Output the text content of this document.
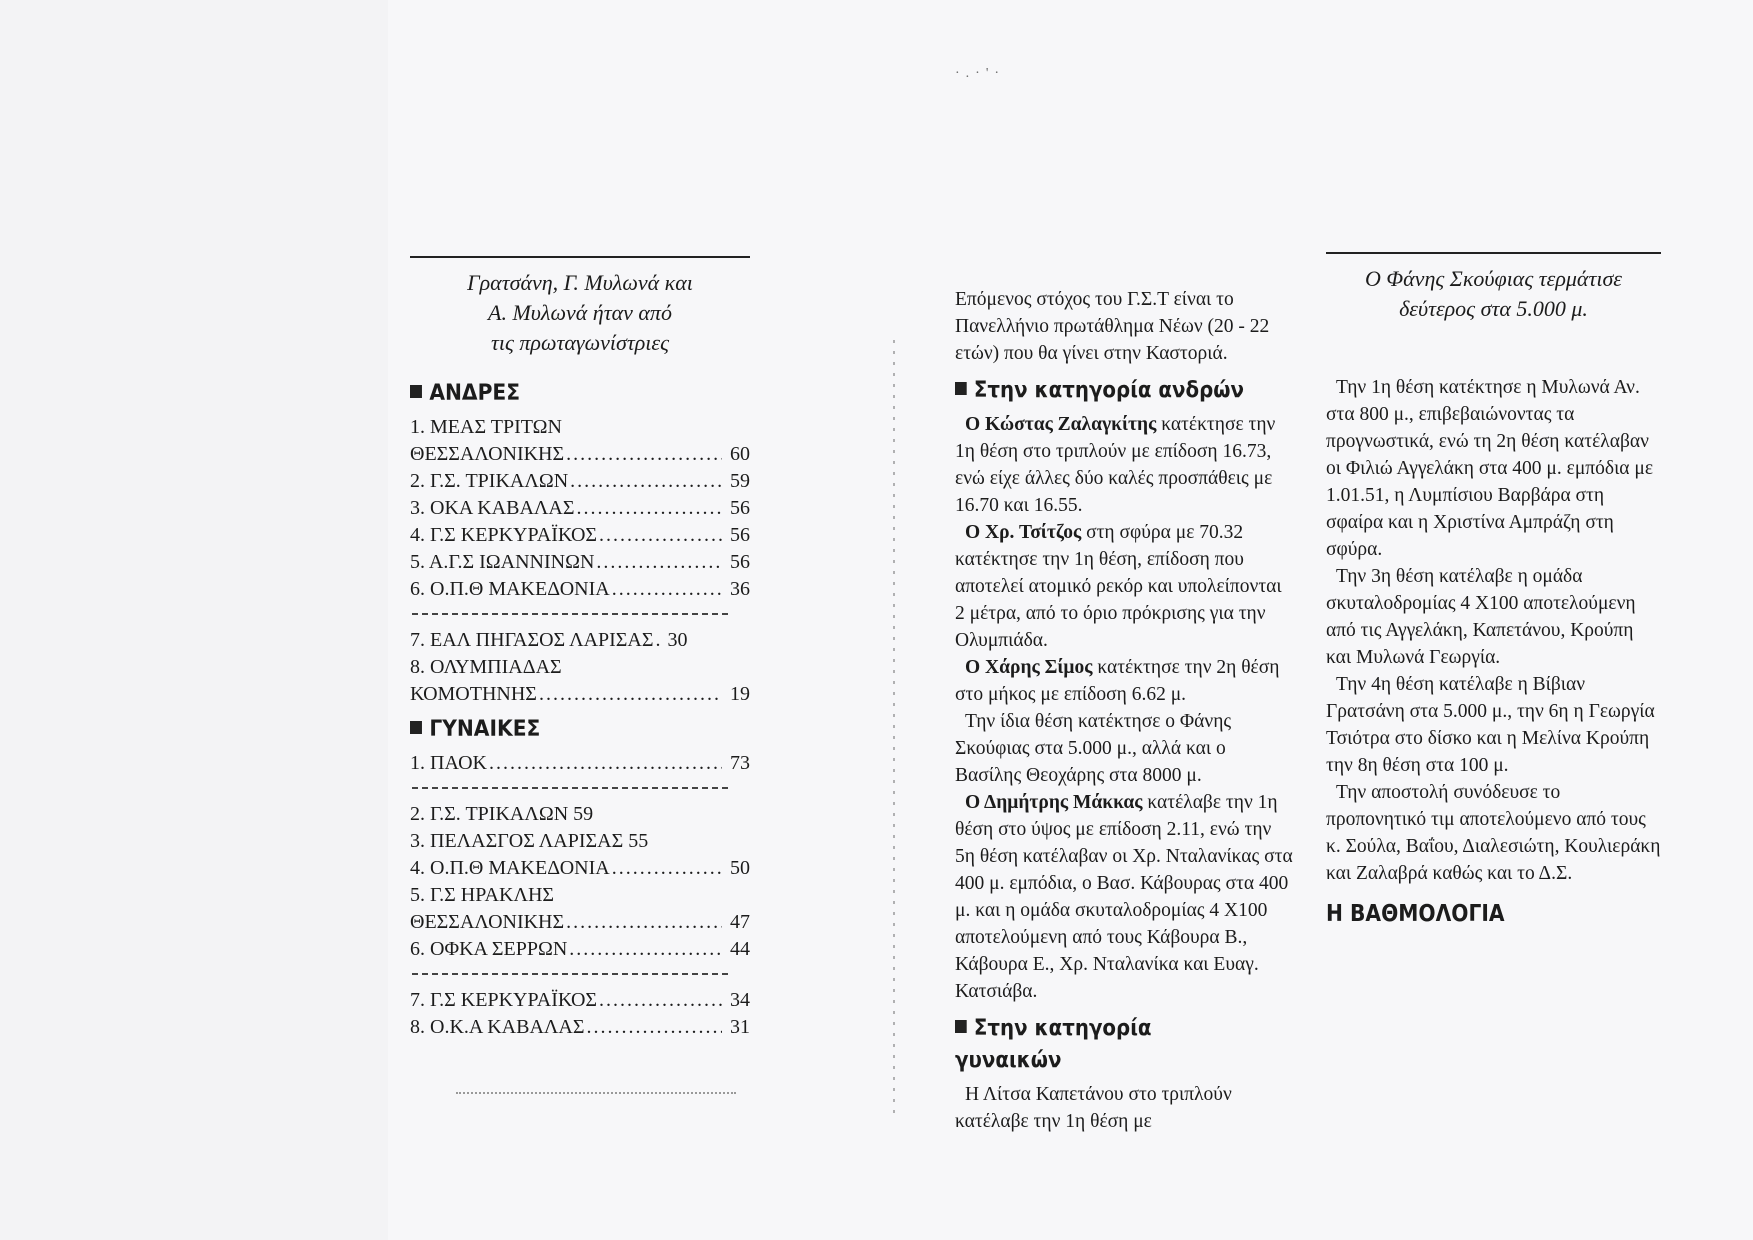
·.·'·
Γρατσάνη, Γ. Μυλωνά και
Α. Μυλωνά ήταν από
τις πρωταγωνίστριες
ΑΝΔΡΕΣ
1. ΜΕΑΣ ΤΡΙΤΩΝ
ΘΕΣΣΑΛΟΝΙΚΗΣ .....	60
2. Γ.Σ. ΤΡΙΚΑΛΩΝ .....	59
3. ΟΚΑ ΚΑΒΑΛΑΣ .....	56
4. Γ.Σ ΚΕΡΚΥΡΑΪΚΟΣ .....	56
5. Α.Γ.Σ ΙΩΑΝΝΙΝΩΝ .....	56
6. Ο.Π.Θ ΜΑΚΕΔΟΝΙΑ .....	36
7. ΕΑΛ ΠΗΓΑΣΟΣ ΛΑΡΙΣΑΣ ..... 30
8. ΟΛΥΜΠΙΑΔΑΣ
ΚΟΜΟΤΗΝΗΣ .....	19
ΓΥΝΑΙΚΕΣ
1. ΠΑΟΚ .....	73
2. Γ.Σ. ΤΡΙΚΑΛΩΝ 59
3. ΠΕΛΑΣΓΟΣ ΛΑΡΙΣΑΣ 55
4. Ο.Π.Θ ΜΑΚΕΔΟΝΙΑ .....	50
5. Γ.Σ ΗΡΑΚΛΗΣ
ΘΕΣΣΑΛΟΝΙΚΗΣ .....	47
6. ΟΦΚΑ ΣΕΡΡΩΝ .....	44
7. Γ.Σ ΚΕΡΚΥΡΑΪΚΟΣ .....	34
8. Ο.Κ.Α ΚΑΒΑΛΑΣ .....	31

Επόμενος στόχος του Γ.Σ.Τ είναι το Πανελλήνιο πρωτάθλημα Νέων (20 - 22 ετών) που θα γίνει στην Καστοριά.

Στην κατηγορία ανδρών

Ο Κώστας Ζαλαγκίτης κατέκτησε την 1η θέση στο τριπλούν με επίδοση 16.73, ενώ είχε άλλες δύο καλές προσπάθεις με 16.70 και 16.55.

Ο Χρ. Τσίτζος στη σφύρα με 70.32 κατέκτησε την 1η θέση, επίδοση που αποτελεί ατομικό ρεκόρ και υπολείπονται 2 μέτρα, από το όριο πρόκρισης για την Ολυμπιάδα.

Ο Χάρης Σίμος κατέκτησε την 2η θέση στο μήκος με επίδοση 6.62 μ.

Την ίδια θέση κατέκτησε ο Φάνης Σκούφιας στα 5.000 μ., αλλά και ο Βασίλης Θεοχάρης στα 8000 μ.

Ο Δημήτρης Μάκκας κατέλαβε την 1η θέση στο ύψος με επίδοση 2.11, ενώ την 5η θέση κατέλαβαν οι Χρ. Νταλανίκας στα 400 μ. εμπόδια, ο Βασ. Κάβουρας στα 400 μ. και η ομάδα σκυταλοδρομίας 4 Χ100 αποτελούμενη από τους Κάβουρα Β., Κάβουρα Ε., Χρ. Νταλανίκα και Ευαγ. Κατσιάβα.

Στην κατηγορία γυναικών

Η Λίτσα Καπετάνου στο τριπλούν κατέλαβε την 1η θέση με

Ο Φάνης Σκούφιας τερμάτισε
δεύτερος στα 5.000 μ.

Την 1η θέση κατέκτησε η Μυλωνά Αν. στα 800 μ., επιβεβαιώνοντας τα προγνωστικά, ενώ τη 2η θέση κατέλαβαν οι Φιλιώ Αγγελάκη στα 400 μ. εμπόδια με 1.01.51, η Λυμπίσιου Βαρβάρα στη σφαίρα και η Χριστίνα Αμπράζη στη σφύρα.

Την 3η θέση κατέλαβε η ομάδα σκυταλοδρομίας 4 Χ100 αποτελούμενη από τις Αγγελάκη, Καπετάνου, Κρούπη και Μυλωνά Γεωργία.

Την 4η θέση κατέλαβε η Βίβιαν Γρατσάνη στα 5.000 μ., την 6η η Γεωργία Τσιότρα στο δίσκο και η Μελίνα Κρούπη την 8η θέση στα 100 μ.

Την αποστολή συνόδευσε το προπονητικό τιμ αποτελούμενο από τους κ. Σούλα, Βαΐου, Διαλεσιώτη, Κουλιεράκη και Ζαλαβρά καθώς και το Δ.Σ.

Η ΒΑΘΜΟΛΟΓΙΑ
